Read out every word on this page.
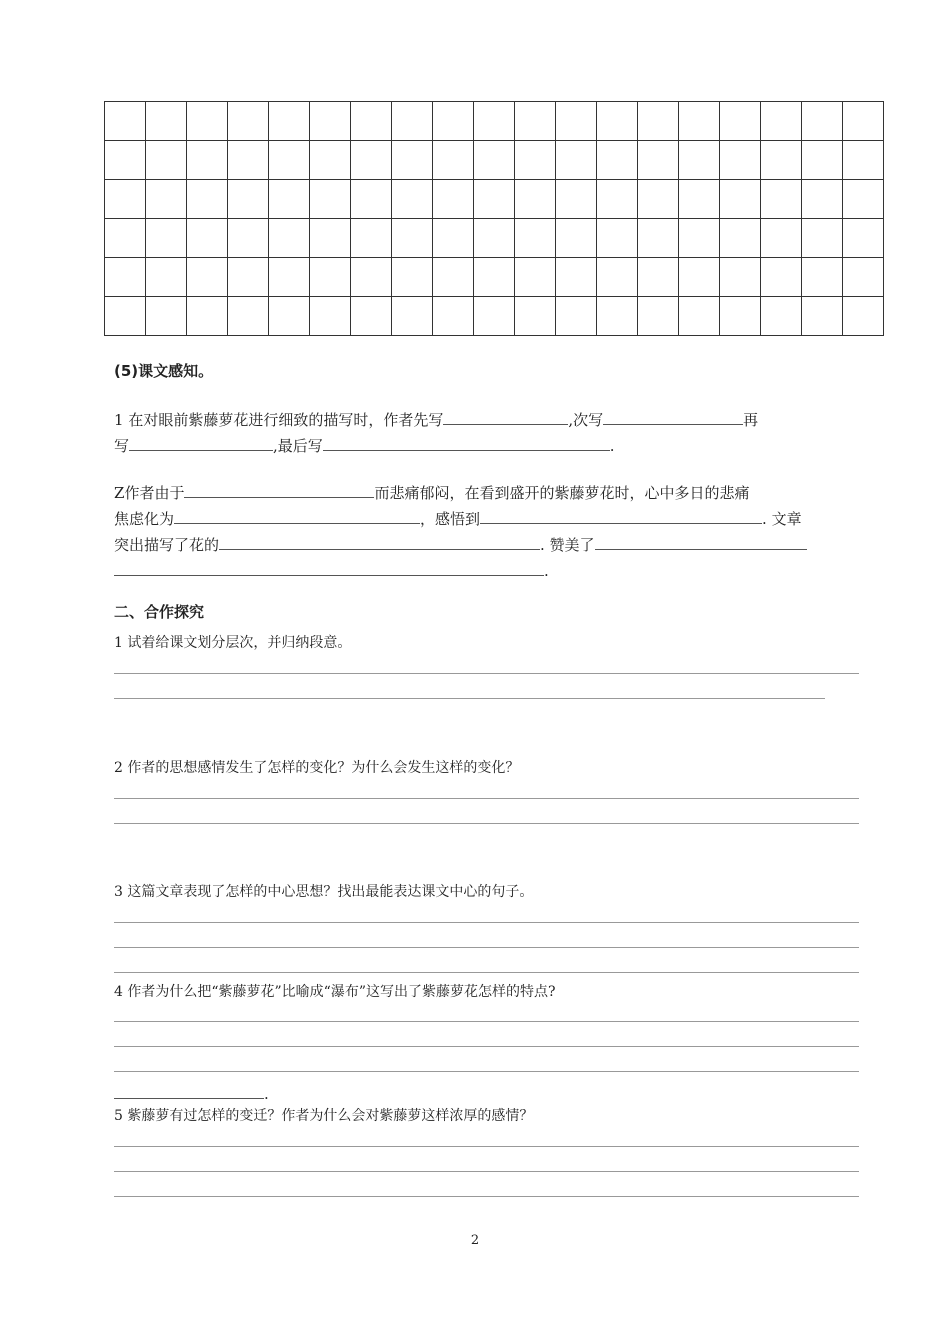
(5)课文感知。
1 在对眼前紫藤萝花进行细致的描写时，作者先写	,次写	再
写	,最后写	.
Z作者由于	而悲痛郁闷，在看到盛开的紫藤萝花时，心中多日的悲痛
焦虑化为	，感悟到	. 文章
突出描写了花的	. 赞美了
.
二、合作探究
1 试着给课文划分层次，并归纳段意。
2 作者的思想感情发生了怎样的变化？为什么会发生这样的变化？
3 这篇文章表现了怎样的中心思想？找出最能表达课文中心的句子。
4 作者为什么把“紫藤萝花”比喻成“瀑布”这写出了紫藤萝花怎样的特点?
.
5 紫藤萝有过怎样的变迁？作者为什么会对紫藤萝这样浓厚的感情？
2
